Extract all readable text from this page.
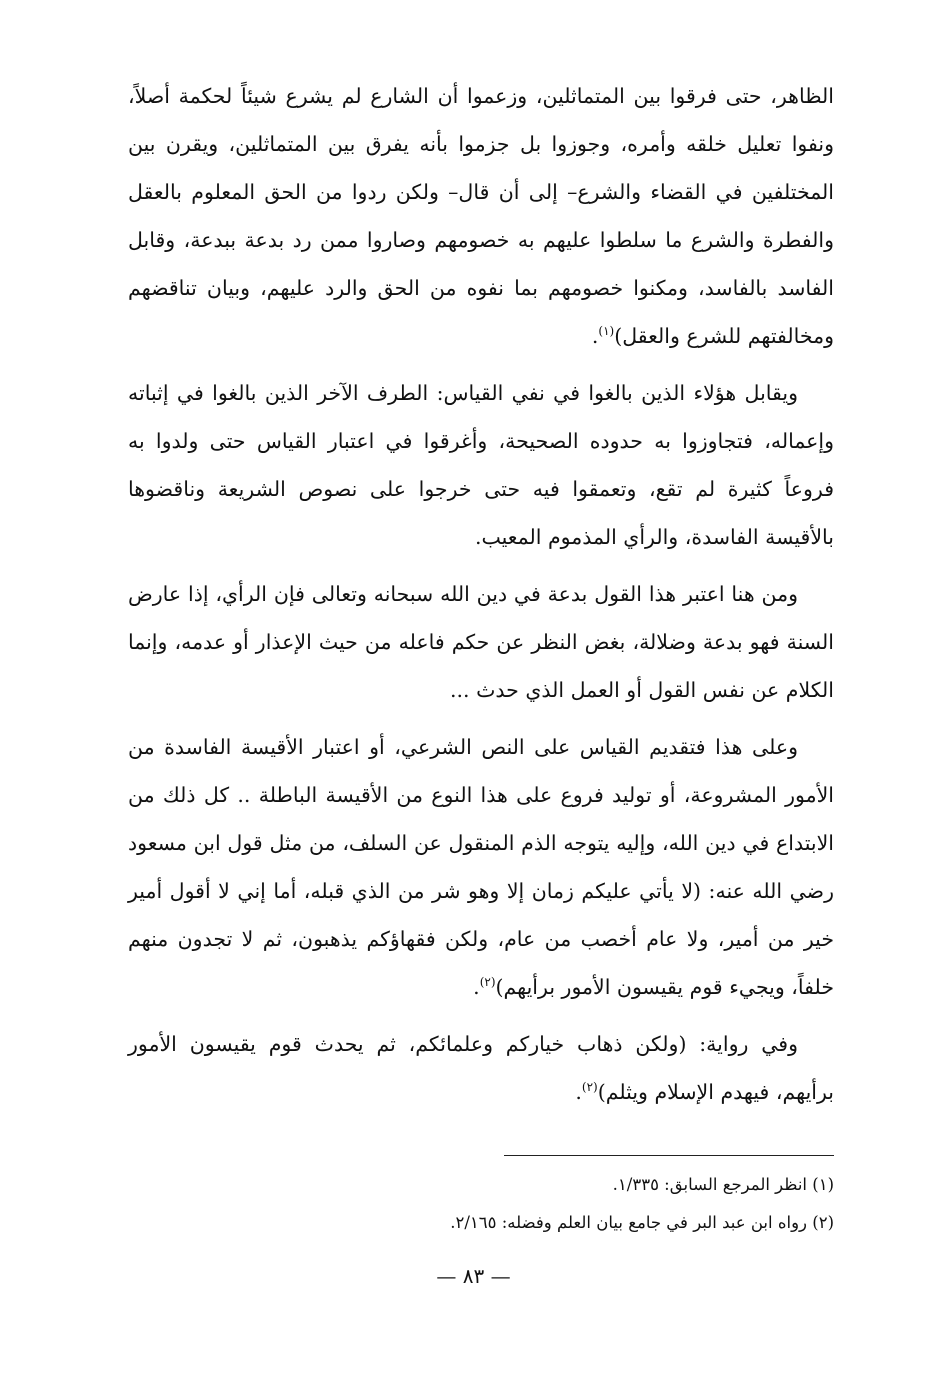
الظاهر، حتى فرقوا بين المتماثلين، وزعموا أن الشارع لم يشرع شيئاً لحكمة أصلاً، ونفوا تعليل خلقه وأمره، وجوزوا بل جزموا بأنه يفرق بين المتماثلين، ويقرن بين المختلفين في القضاء والشرع– إلى أن قال– ولكن ردوا من الحق المعلوم بالعقل والفطرة والشرع ما سلطوا عليهم به خصومهم وصاروا ممن رد بدعة ببدعة، وقابل الفاسد بالفاسد، ومكنوا خصومهم بما نفوه من الحق والرد عليهم، وبيان تناقضهم ومخالفتهم للشرع والعقل)$^{(١)}$.

ويقابل هؤلاء الذين بالغوا في نفي القياس: الطرف الآخر الذين بالغوا في إثباته وإعماله، فتجاوزوا به حدوده الصحيحة، وأغرقوا في اعتبار القياس حتى ولدوا به فروعاً كثيرة لم تقع، وتعمقوا فيه حتى خرجوا على نصوص الشريعة وناقضوها بالأقيسة الفاسدة، والرأي المذموم المعيب.

ومن هنا اعتبر هذا القول بدعة في دين الله سبحانه وتعالى فإن الرأي، إذا عارض السنة فهو بدعة وضلالة، بغض النظر عن حكم فاعله من حيث الإعذار أو عدمه، وإنما الكلام عن نفس القول أو العمل الذي حدث ...

وعلى هذا فتقديم القياس على النص الشرعي، أو اعتبار الأقيسة الفاسدة من الأمور المشروعة، أو توليد فروع على هذا النوع من الأقيسة الباطلة .. كل ذلك من الابتداع في دين الله، وإليه يتوجه الذم المنقول عن السلف، من مثل قول ابن مسعود رضي الله عنه: (لا يأتي عليكم زمان إلا وهو شر من الذي قبله، أما إني لا أقول أمير خير من أمير، ولا عام أخصب من عام، ولكن فقهاؤكم يذهبون، ثم لا تجدون منهم خلفاً، ويجيء قوم يقيسون الأمور برأيهم)$^{(٢)}$.

وفي رواية: (ولكن ذهاب خياركم وعلمائكم، ثم يحدث قوم يقيسون الأمور برأيهم، فيهدم الإسلام ويثلم)$^{(٢)}$.

(١) انظر المرجع السابق: ١/٣٣٥.

(٢) رواه ابن عبد البر في جامع بيان العلم وفضله: ٢/١٦٥.

— ٨٣ —
